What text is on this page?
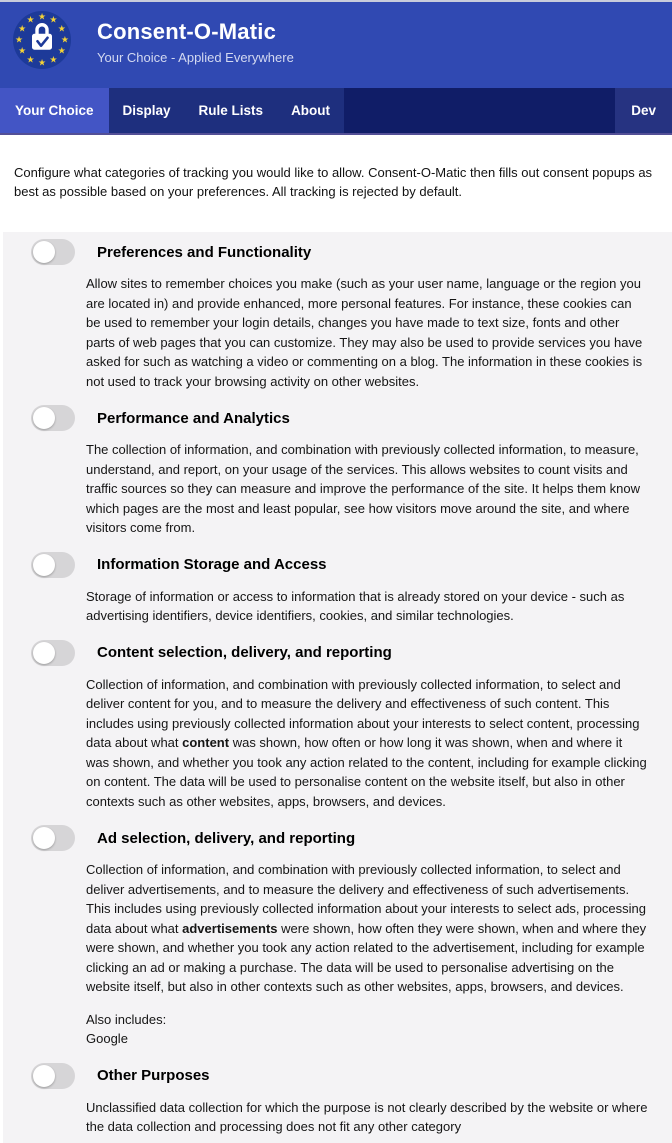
★ ★
★
★
★
★
★
★
★
★
★
★	Consent-O-Matic

Your Choice - Applied Everywhere

Your Choice	Display	Rule Lists	About	Dev

Configure what categories of tracking you would like to allow. Consent-O-Matic then fills out consent popups as best as possible based on your preferences. All tracking is rejected by default.

Preferences and Functionality

Allow sites to remember choices you make (such as your user name, language or the region you are located in) and provide enhanced, more personal features. For instance, these cookies can be used to remember your login details, changes you have made to text size, fonts and other parts of web pages that you can customize. They may also be used to provide services you have asked for such as watching a video or commenting on a blog. The information in these cookies is not used to track your browsing activity on other websites.

Performance and Analytics

The collection of information, and combination with previously collected information, to measure, understand, and report, on your usage of the services. This allows websites to count visits and traffic sources so they can measure and improve the performance of the site. It helps them know which pages are the most and least popular, see how visitors move around the site, and where visitors come from.

Information Storage and Access

Storage of information or access to information that is already stored on your device - such as advertising identifiers, device identifiers, cookies, and similar technologies.

Content selection, delivery, and reporting

Collection of information, and combination with previously collected information, to select and deliver content for you, and to measure the delivery and effectiveness of such content. This includes using previously collected information about your interests to select content, processing data about what content was shown, how often or how long it was shown, when and where it was shown, and whether you took any action related to the content, including for example clicking on content. The data will be used to personalise content on the website itself, but also in other contexts such as other websites, apps, browsers, and devices.

Ad selection, delivery, and reporting

Collection of information, and combination with previously collected information, to select and deliver advertisements, and to measure the delivery and effectiveness of such advertisements. This includes using previously collected information about your interests to select ads, processing data about what advertisements were shown, how often they were shown, when and where they were shown, and whether you took any action related to the advertisement, including for example clicking an ad or making a purchase. The data will be used to personalise advertising on the website itself, but also in other contexts such as other websites, apps, browsers, and devices.

Also includes:
Google
Other Purposes

Unclassified data collection for which the purpose is not clearly described by the website or where the data collection and processing does not fit any other category
